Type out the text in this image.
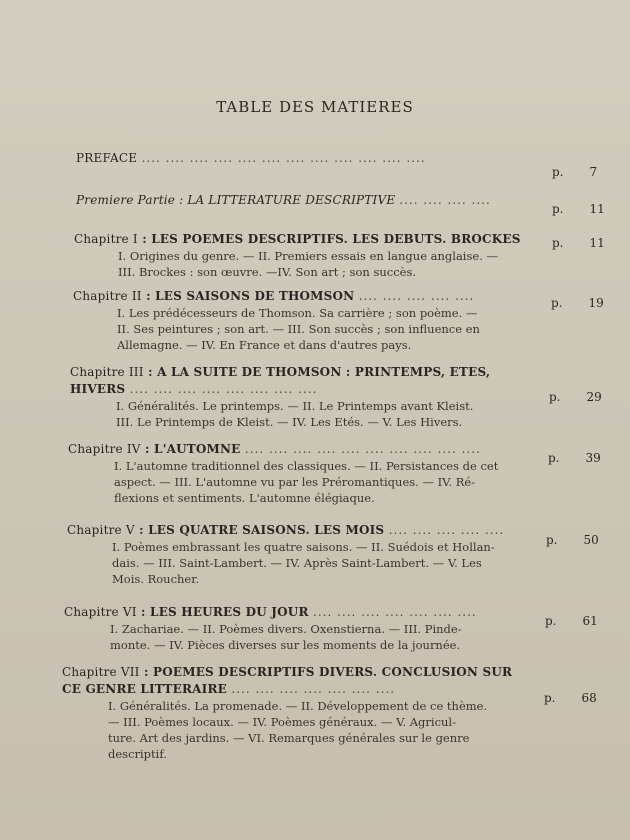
TABLE DES MATIERES
PREFACE .... .... .... .... .... .... .... .... .... .... .... ....
p. 7
Premiere Partie : LA LITTERATURE DESCRIPTIVE .... .... .... ....
p. 11
Chapitre I : LES POEMES DESCRIPTIFS. LES DEBUTS. BROCKES	p. 11
I. Origines du genre. — II. Premiers essais en langue anglaise. —
III. Brockes : son œuvre. —IV. Son art ; son succès.
Chapitre II : LES SAISONS DE THOMSON .... .... .... .... ....	p. 19
I. Les prédécesseurs de Thomson. Sa carrière ; son poème. —
II. Ses peintures ; son art. — III. Son succès ; son influence en
Allemagne. — IV. En France et dans d'autres pays.
Chapitre III : A LA SUITE DE THOMSON : PRINTEMPS, ETES,
HIVERS .... .... .... .... .... .... .... ....
p. 29
I. Généralités. Le printemps. — II. Le Printemps avant Kleist.
III. Le Printemps de Kleist. — IV. Les Etés. — V. Les Hivers.
Chapitre IV : L'AUTOMNE .... .... .... .... .... .... .... .... .... ....
p. 39
I. L'automne traditionnel des classiques. — II. Persistances de cet
aspect. — III. L'automne vu par les Préromantiques. — IV. Ré-
flexions et sentiments. L'automne élégiaque.
Chapitre V : LES QUATRE SAISONS. LES MOIS .... .... .... .... ....
p. 50
I. Poèmes embrassant les quatre saisons. — II. Suédois et Hollan-
dais. — III. Saint-Lambert. — IV. Après Saint-Lambert. — V. Les
Mois. Roucher.
Chapitre VI : LES HEURES DU JOUR .... .... .... .... .... .... ....
p. 61
I. Zachariae. — II. Poèmes divers. Oxenstierna. — III. Pinde-
monte. — IV. Pièces diverses sur les moments de la journée.
Chapitre VII : POEMES DESCRIPTIFS DIVERS. CONCLUSION SUR
CE GENRE LITTERAIRE .... .... .... .... .... .... ....
p. 68
I. Généralités. La promenade. — II. Développement de ce thème.
— III. Poèmes locaux. — IV. Poèmes généraux. — V. Agricul-
ture. Art des jardins. — VI. Remarques générales sur le genre
descriptif.
